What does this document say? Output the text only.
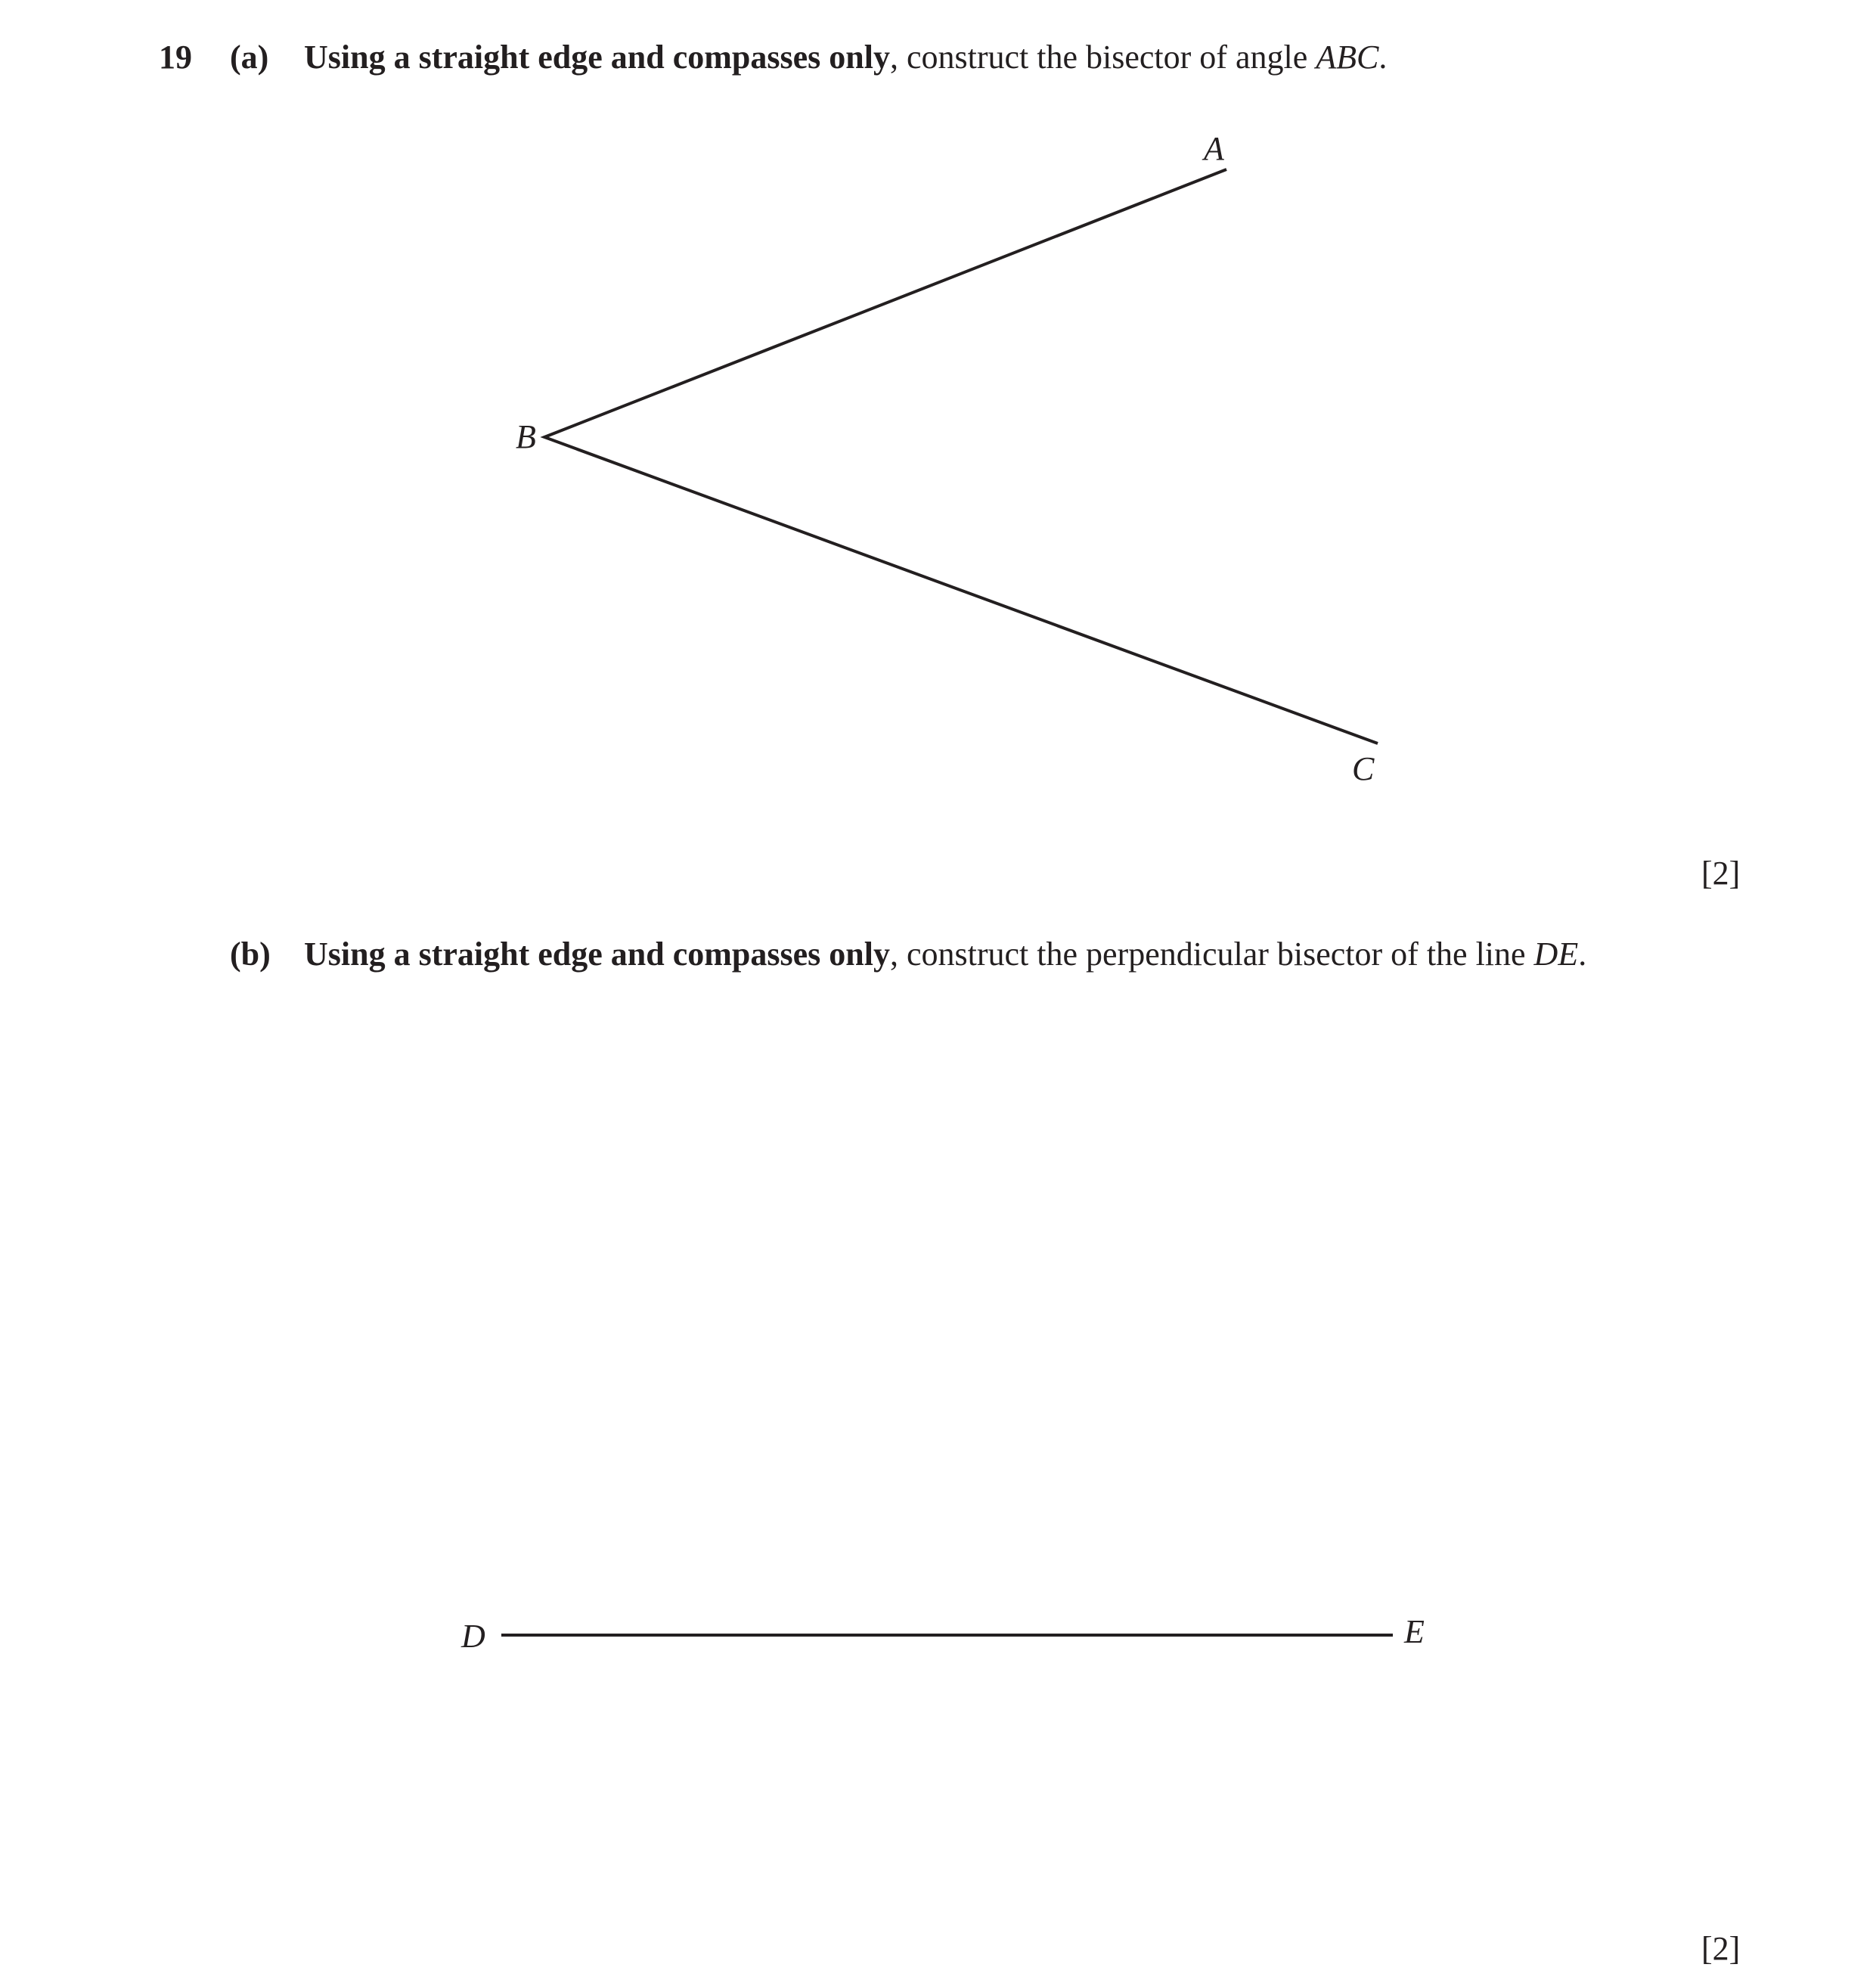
19 (a) Using a straight edge and compasses only, construct the bisector of angle ABC.
A
B
C
D	E
[2]
(b) Using a straight edge and compasses only, construct the perpendicular bisector of the line DE.
[2]
